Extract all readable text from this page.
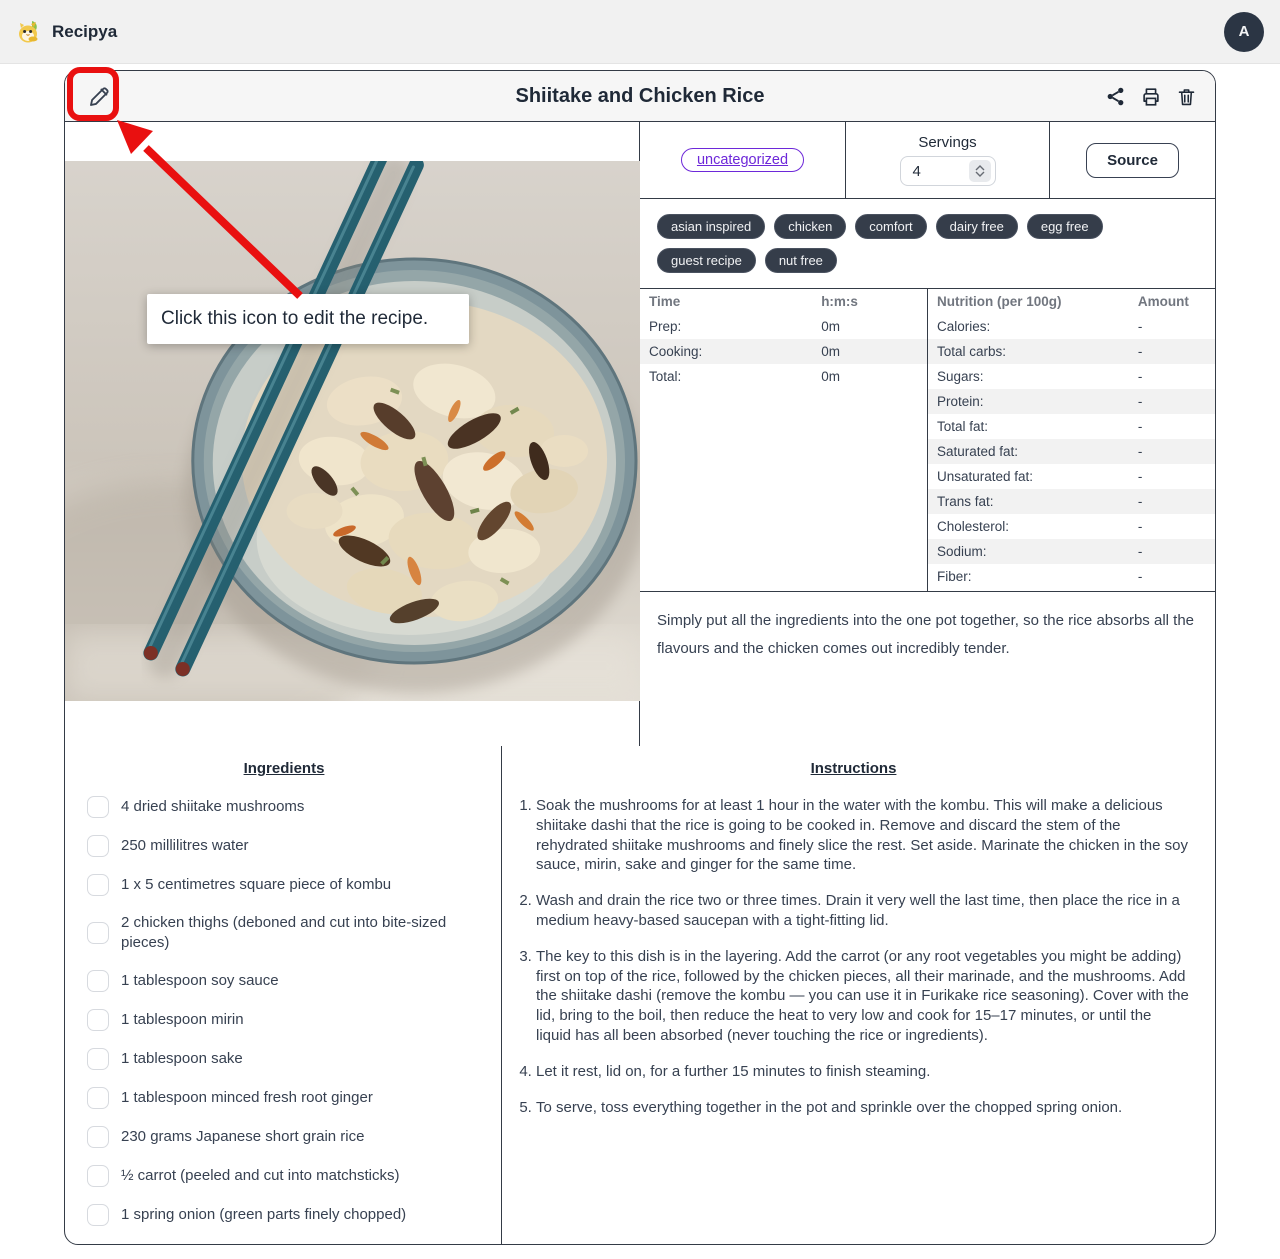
Recipya	A
Shiitake and Chicken Rice
uncategorized
Servings
4
Source
asian inspired	chicken	comfort	dairy free	egg free
guest recipe	nut free
Time	h:m:s
Prep:	0m
Cooking:	0m
Total:	0m
Nutrition (per 100g)	Amount
Calories:	-
Total carbs:	-
Sugars:	-
Protein:	-
Total fat:	-
Saturated fat:	-
Unsaturated fat:	-
Trans fat:	-
Cholesterol:	-
Sodium:	-
Fiber:	-

Simply put all the ingredients into the one pot together, so the rice absorbs all the flavours and the chicken comes out incredibly tender.

Ingredients
4 dried shiitake mushrooms
250 millilitres water
1 x 5 centimetres square piece of kombu
2 chicken thighs (deboned and cut into bite-sized pieces)
1 tablespoon soy sauce
1 tablespoon mirin
1 tablespoon sake
1 tablespoon minced fresh root ginger
230 grams Japanese short grain rice
½ carrot (peeled and cut into matchsticks)
1 spring onion (green parts finely chopped)
Instructions
1. Soak the mushrooms for at least 1 hour in the water with the kombu. This will make a delicious shiitake dashi that the rice is going to be cooked in. Remove and discard the stem of the rehydrated shiitake mushrooms and finely slice the rest. Set aside. Marinate the chicken in the soy sauce, mirin, sake and ginger for the same time.
2. Wash and drain the rice two or three times. Drain it very well the last time, then place the rice in a medium heavy-based saucepan with a tight-fitting lid.
3. The key to this dish is in the layering. Add the carrot (or any root vegetables you might be adding) first on top of the rice, followed by the chicken pieces, all their marinade, and the mushrooms. Add the shiitake dashi (remove the kombu — you can use it in Furikake rice seasoning). Cover with the lid, bring to the boil, then reduce the heat to very low and cook for 15–17 minutes, or until the liquid has all been absorbed (never touching the rice or ingredients).
4. Let it rest, lid on, for a further 15 minutes to finish steaming.
5. To serve, toss everything together in the pot and sprinkle over the chopped spring onion.
Click this icon to edit the recipe.
